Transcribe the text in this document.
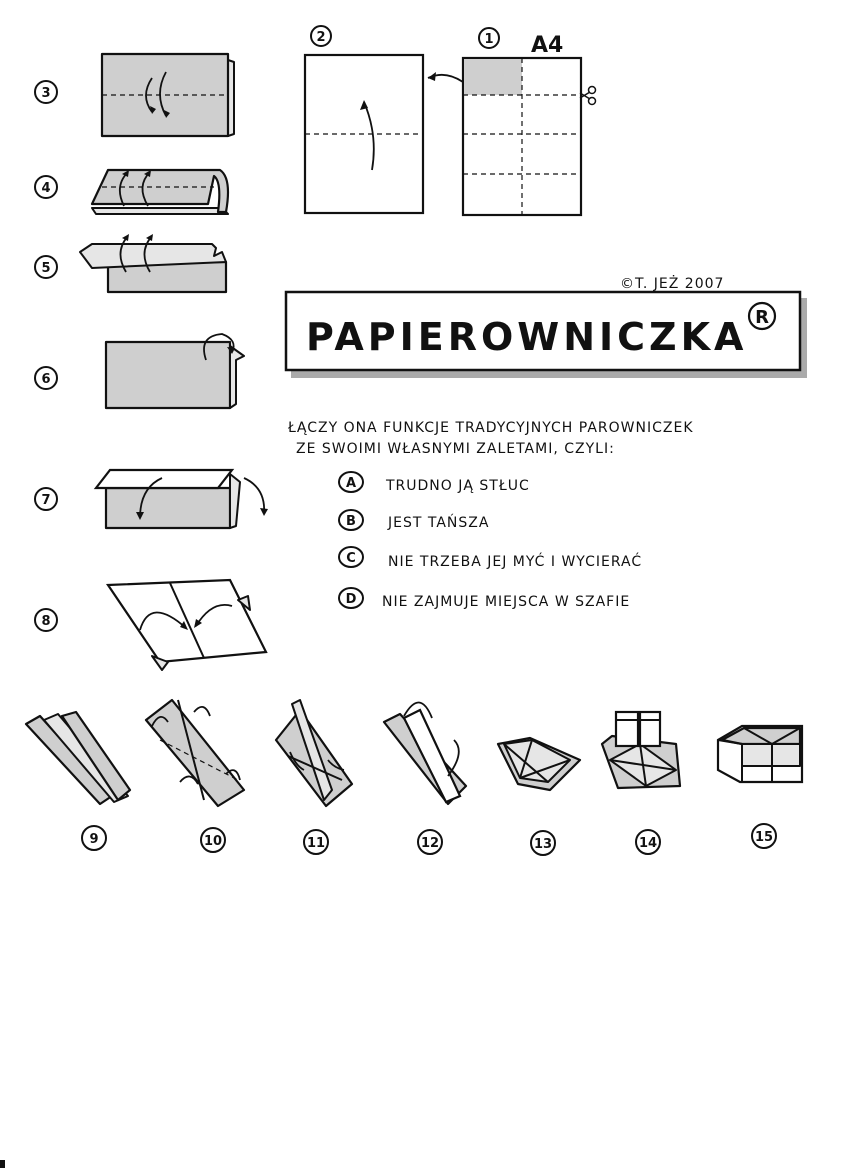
1 A4
2
3
4
5
6
7
8
©T. JEŻ 2007
PAPIEROWNICZKA R
ŁĄCZY ONA FUNKCJE TRADYCYJNYCH PAROWNICZEK
ZE SWOIMI WŁASNYMI ZALETAMI, CZYLI:
A TRUDNO JĄ STŁUC
B JEST TAŃSZA
C NIE TRZEBA JEJ MYĆ I WYCIERAĆ
D NIE ZAJMUJE MIEJSCA W SZAFIE
9	10	11	12	13	14	15
